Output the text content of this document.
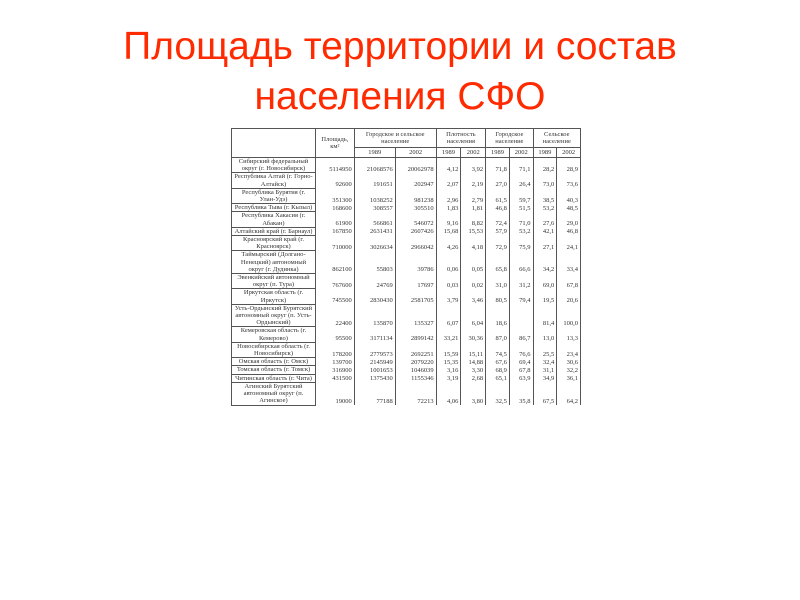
Площадь территории и состав
населения СФО
	Площадь, км²	Городское и сельское население		Плотность населения		Городское население		Сельское население	
		1989	2002	1989	2002	1989	2002	1989	2002
Сибирский федеральный округ (г. Новосибирск)	5114950	21068576	20062978	4,12	3,92	71,8	71,1	28,2	28,9
Республика Алтай (г. Горно-Алтайск)	92600	191651	202947	2,07	2,19	27,0	26,4	73,0	73,6
Республика Бурятия (г. Улан-Удэ)	351300	1038252	981238	2,96	2,79	61,5	59,7	38,5	40,3
Республика Тыва (г. Кызыл)	168600	308557	305510	1,83	1,81	46,8	51,5	53,2	48,5
Республика Хакасия (г. Абакан)	61900	566861	546072	9,16	8,82	72,4	71,0	27,6	29,0
Алтайский край (г. Барнаул)	167850	2631431	2607426	15,68	15,53	57,9	53,2	42,1	46,8
Красноярский край (г. Красноярск)	710000	3026634	2966042	4,26	4,18	72,9	75,9	27,1	24,1
Таймырский (Долгано-Ненецкий) автономный округ (г. Дудинка)	862100	55803	39786	0,06	0,05	65,8	66,6	34,2	33,4
Эвенкийский автономный округ (п. Тура)	767600	24769	17697	0,03	0,02	31,0	31,2	69,0	67,8
Иркутская область (г. Иркутск)	745500	2830430	2581705	3,79	3,46	80,5	79,4	19,5	20,6
Усть-Ордынский Бурятский автономный округ (п. Усть-Ордынский)	22400	135870	135327	6,07	6,04	18,6		81,4	100,0
Кемеровская область (г. Кемерово)	95500	3171134	2899142	33,21	30,36	87,0	86,7	13,0	13,3
Новосибирская область (г. Новосибирск)	178200	2779573	2692251	15,59	15,11	74,5	76,6	25,5	23,4
Омская область (г. Омск)	139700	2145949	2079220	15,35	14,88	67,6	69,4	32,4	30,6
Томская область (г. Томск)	316900	1001653	1046039	3,16	3,30	68,9	67,8	31,1	32,2
Читинская область (г. Чита)	431500	1375430	1155346	3,19	2,68	65,1	63,9	34,9	36,1
Агинский Бурятский автономный округ (п. Агинское)	19000	77188	72213	4,06	3,80	32,5	35,8	67,5	64,2
